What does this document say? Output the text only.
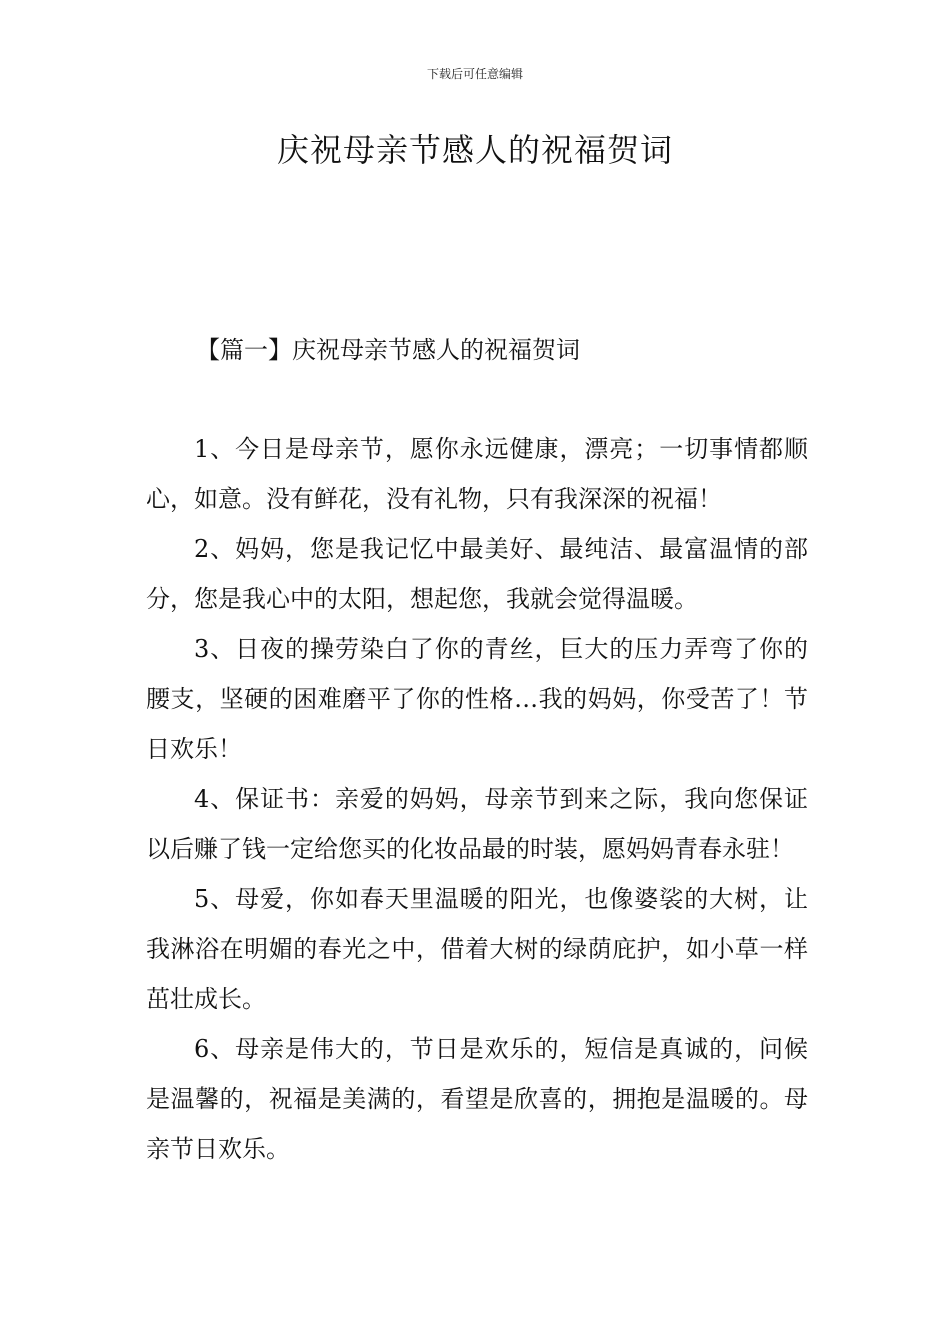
下载后可任意编辑
庆祝母亲节感人的祝福贺词
【篇一】庆祝母亲节感人的祝福贺词

1、今日是母亲节，愿你永远健康，漂亮；一切事情都顺心，如意。没有鲜花，没有礼物，只有我深深的祝福！

2、妈妈，您是我记忆中最美好、最纯洁、最富温情的部分，您是我心中的太阳，想起您，我就会觉得温暖。

3、日夜的操劳染白了你的青丝，巨大的压力弄弯了你的腰支，坚硬的困难磨平了你的性格…我的妈妈，你受苦了！节日欢乐！

4、保证书：亲爱的妈妈，母亲节到来之际，我向您保证以后赚了钱一定给您买的化妆品最的时装，愿妈妈青春永驻！

5、母爱，你如春天里温暖的阳光，也像婆裟的大树，让我淋浴在明媚的春光之中，借着大树的绿荫庇护，如小草一样茁壮成长。

6、母亲是伟大的，节日是欢乐的，短信是真诚的，问候是温馨的，祝福是美满的，看望是欣喜的，拥抱是温暖的。母亲节日欢乐。
